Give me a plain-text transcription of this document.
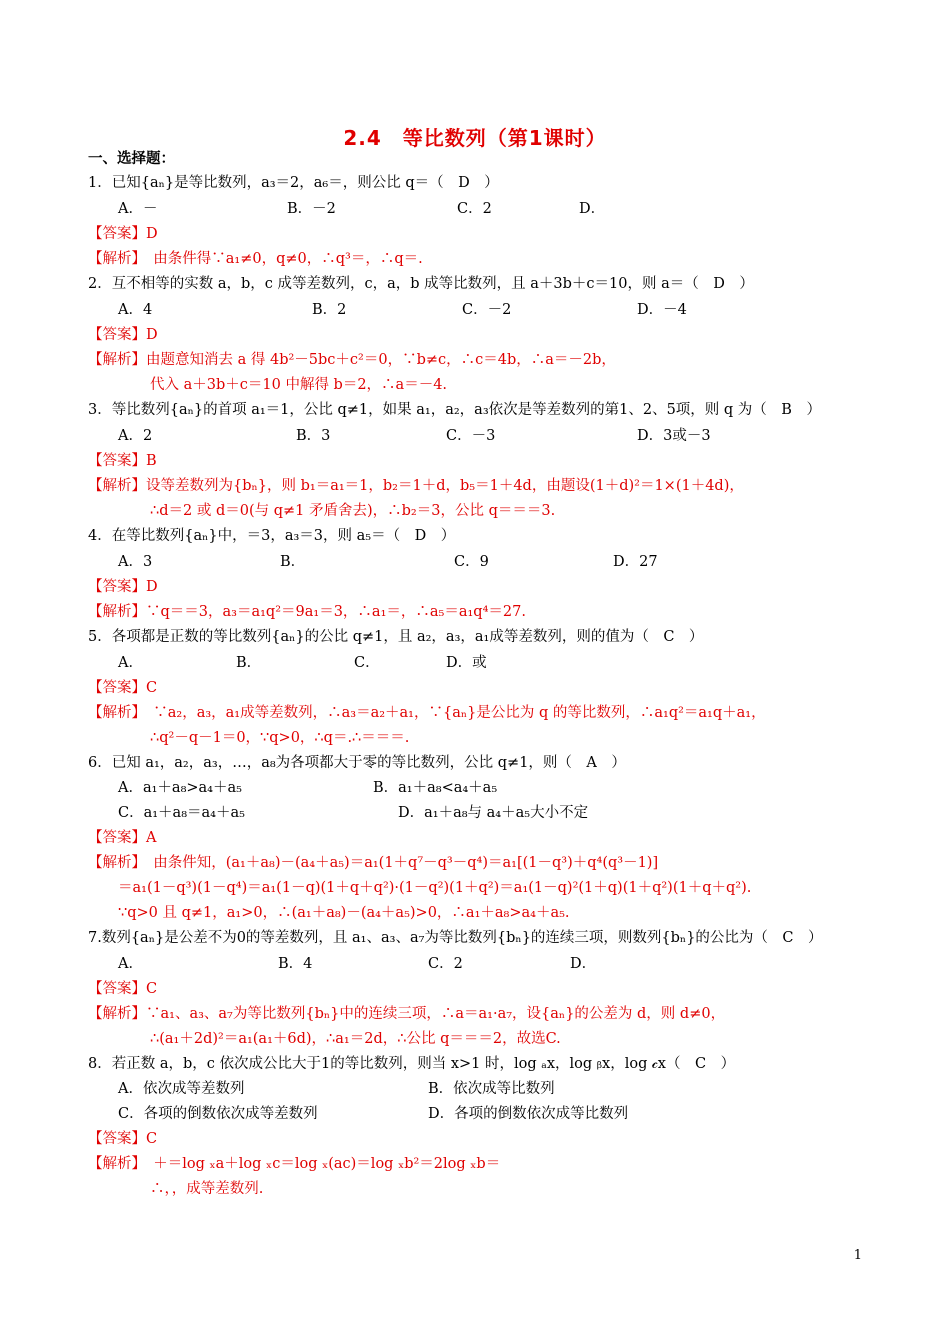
2.4　等比数列（第1课时）
一、选择题：
1．已知{aₙ}是等比数列，a₃＝2，a₆＝，则公比 q＝（　D　）
A．－	B．－2	C．2	D．
【答案】D
【解析】　由条件得∵a₁≠0，q≠0，∴q³＝，∴q＝.
2．互不相等的实数 a，b，c 成等差数列，c，a，b 成等比数列，且 a＋3b＋c＝10，则 a＝（　D　）
A．4	B．2	C．－2	D．－4
【答案】D
【解析】由题意知消去 a 得 4b²－5bc＋c²＝0，∵b≠c，∴c＝4b，∴a＝－2b，
代入 a＋3b＋c＝10 中解得 b＝2，∴a＝－4.
3．等比数列{aₙ}的首项 a₁＝1，公比 q≠1，如果 a₁，a₂，a₃依次是等差数列的第1、2、5项，则 q 为（　B　）
A．2	B．3	C．－3	D．3或－3
【答案】B
【解析】设等差数列为{bₙ}，则 b₁＝a₁＝1，b₂＝1＋d，b₅＝1＋4d，由题设(1＋d)²＝1×(1＋4d)，
∴d＝2 或 d＝0(与 q≠1 矛盾舍去)，∴b₂＝3，公比 q＝＝＝3.
4．在等比数列{aₙ}中，＝3，a₃＝3，则 a₅＝（　D　）
A．3	B．	C．9	D．27
【答案】D
【解析】∵q＝＝3，a₃＝a₁q²＝9a₁＝3，∴a₁＝，∴a₅＝a₁q⁴＝27.
5．各项都是正数的等比数列{aₙ}的公比 q≠1，且 a₂，a₃，a₁成等差数列，则的值为（　C　）
A．	B．	C．	D．或
【答案】C
【解析】　∵a₂，a₃，a₁成等差数列，∴a₃＝a₂＋a₁，∵{aₙ}是公比为 q 的等比数列，∴a₁q²＝a₁q＋a₁，
∴q²－q－1＝0，∵q>0，∴q＝.∴＝＝＝.
6．已知 a₁，a₂，a₃，…，a₈为各项都大于零的等比数列，公比 q≠1，则（　A　）
A．a₁＋a₈>a₄＋a₅	B．a₁＋a₈<a₄＋a₅
C．a₁＋a₈＝a₄＋a₅	D．a₁＋a₈与 a₄＋a₅大小不定
【答案】A
【解析】　由条件知，(a₁＋a₈)－(a₄＋a₅)＝a₁(1＋q⁷－q³－q⁴)＝a₁[(1－q³)＋q⁴(q³－1)]
＝a₁(1－q³)(1－q⁴)＝a₁(1－q)(1＋q＋q²)·(1－q²)(1＋q²)＝a₁(1－q)²(1＋q)(1＋q²)(1＋q＋q²).
∵q>0 且 q≠1，a₁>0，∴(a₁＋a₈)－(a₄＋a₅)>0，∴a₁＋a₈>a₄＋a₅.
7.数列{aₙ}是公差不为0的等差数列，且 a₁、a₃、a₇为等比数列{bₙ}的连续三项，则数列{bₙ}的公比为（　C　）
A．	B．4	C．2	D．
【答案】C
【解析】∵a₁、a₃、a₇为等比数列{bₙ}中的连续三项，∴a＝a₁·a₇，设{aₙ}的公差为 d，则 d≠0，
∴(a₁＋2d)²＝a₁(a₁＋6d)，∴a₁＝2d，∴公比 q＝＝＝2，故选C.
8．若正数 a，b，c 依次成公比大于1的等比数列，则当 x>1 时，log ₐx，log ᵦx，log 𝒸x（　C　）
A．依次成等差数列	B．依次成等比数列
C．各项的倒数依次成等差数列	D．各项的倒数依次成等比数列
【答案】C
【解析】　＋＝log ₓa＋log ₓc＝log ₓ(ac)＝log ₓb²＝2log ₓb＝
∴，，成等差数列.
1
